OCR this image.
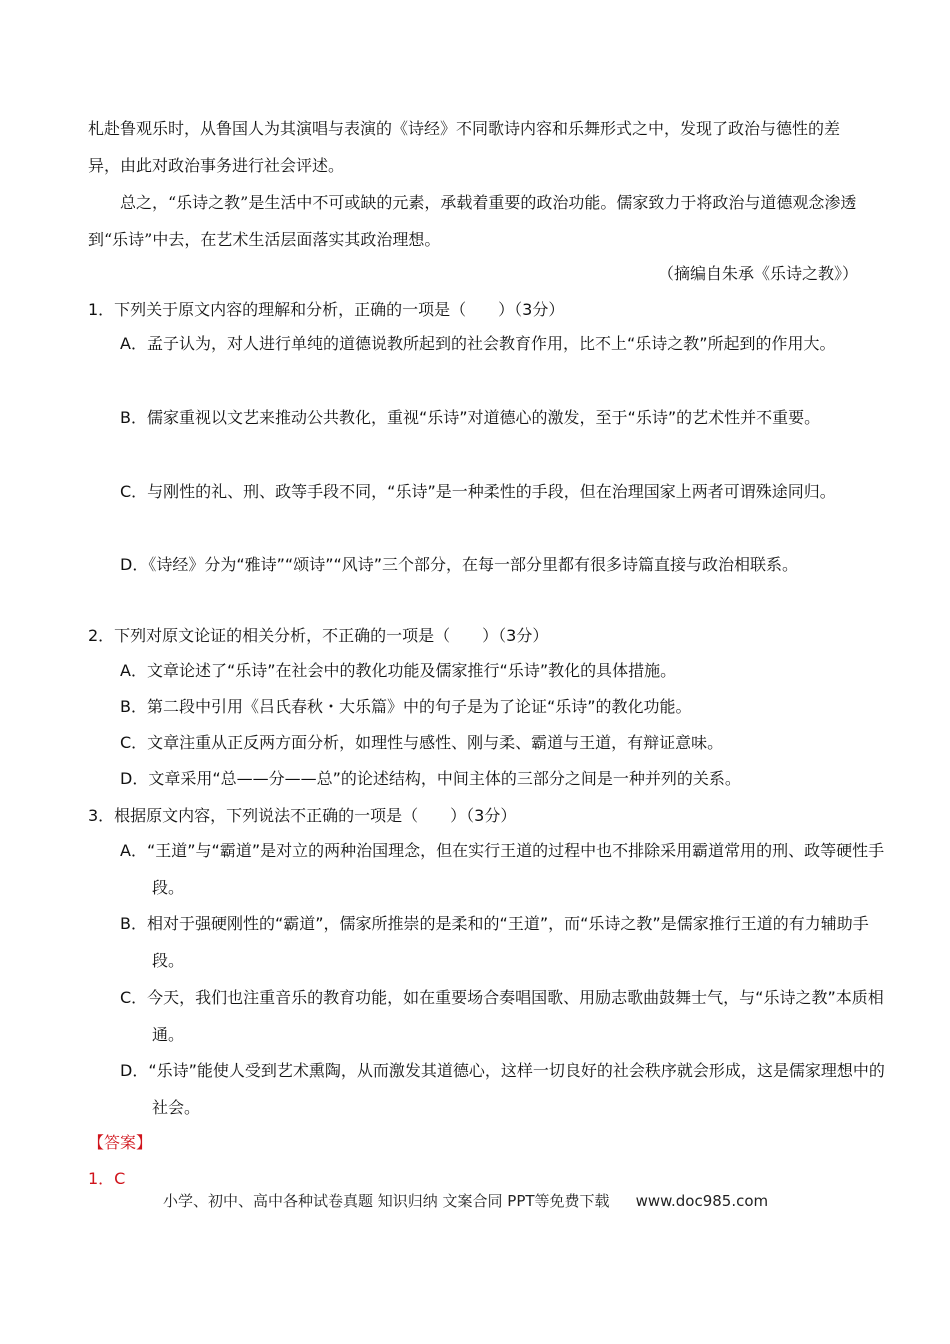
札赴鲁观乐时，从鲁国人为其演唱与表演的《诗经》不同歌诗内容和乐舞形式之中，发现了政治与德性的差异，由此对政治事务进行社会评述。

总之，“乐诗之教”是生活中不可或缺的元素，承载着重要的政治功能。儒家致力于将政治与道德观念渗透到“乐诗”中去，在艺术生活层面落实其政治理想。

（摘编自朱承《乐诗之教》）
1．下列关于原文内容的理解和分析，正确的一项是（　　）（3分）

A．孟子认为，对人进行单纯的道德说教所起到的社会教育作用，比不上“乐诗之教”所起到的作用大。

B．儒家重视以文艺来推动公共教化，重视“乐诗”对道德心的激发，至于“乐诗”的艺术性并不重要。

C．与刚性的礼、刑、政等手段不同，“乐诗”是一种柔性的手段，但在治理国家上两者可谓殊途同归。

D．《诗经》分为“雅诗”“颂诗”“风诗”三个部分，在每一部分里都有很多诗篇直接与政治相联系。

2．下列对原文论证的相关分析，不正确的一项是（　　）（3分）

A．文章论述了“乐诗”在社会中的教化功能及儒家推行“乐诗”教化的具体措施。

B．第二段中引用《吕氏春秋・大乐篇》中的句子是为了论证“乐诗”的教化功能。

C．文章注重从正反两方面分析，如理性与感性、刚与柔、霸道与王道，有辩证意味。

D．文章采用“总——分——总”的论述结构，中间主体的三部分之间是一种并列的关系。

3．根据原文内容，下列说法不正确的一项是（　　）（3分）

A．“王道”与“霸道”是对立的两种治国理念，但在实行王道的过程中也不排除采用霸道常用的刑、政等硬性手段。

B．相对于强硬刚性的“霸道”，儒家所推崇的是柔和的“王道”，而“乐诗之教”是儒家推行王道的有力辅助手段。

C．今天，我们也注重音乐的教育功能，如在重要场合奏唱国歌、用励志歌曲鼓舞士气，与“乐诗之教”本质相通。

D．“乐诗”能使人受到艺术熏陶，从而激发其道德心，这样一切良好的社会秩序就会形成，这是儒家理想中的社会。

【答案】
1．C
小学、初中、高中各种试卷真题 知识归纳 文案合同 PPT等免费下载 www.doc985.com
